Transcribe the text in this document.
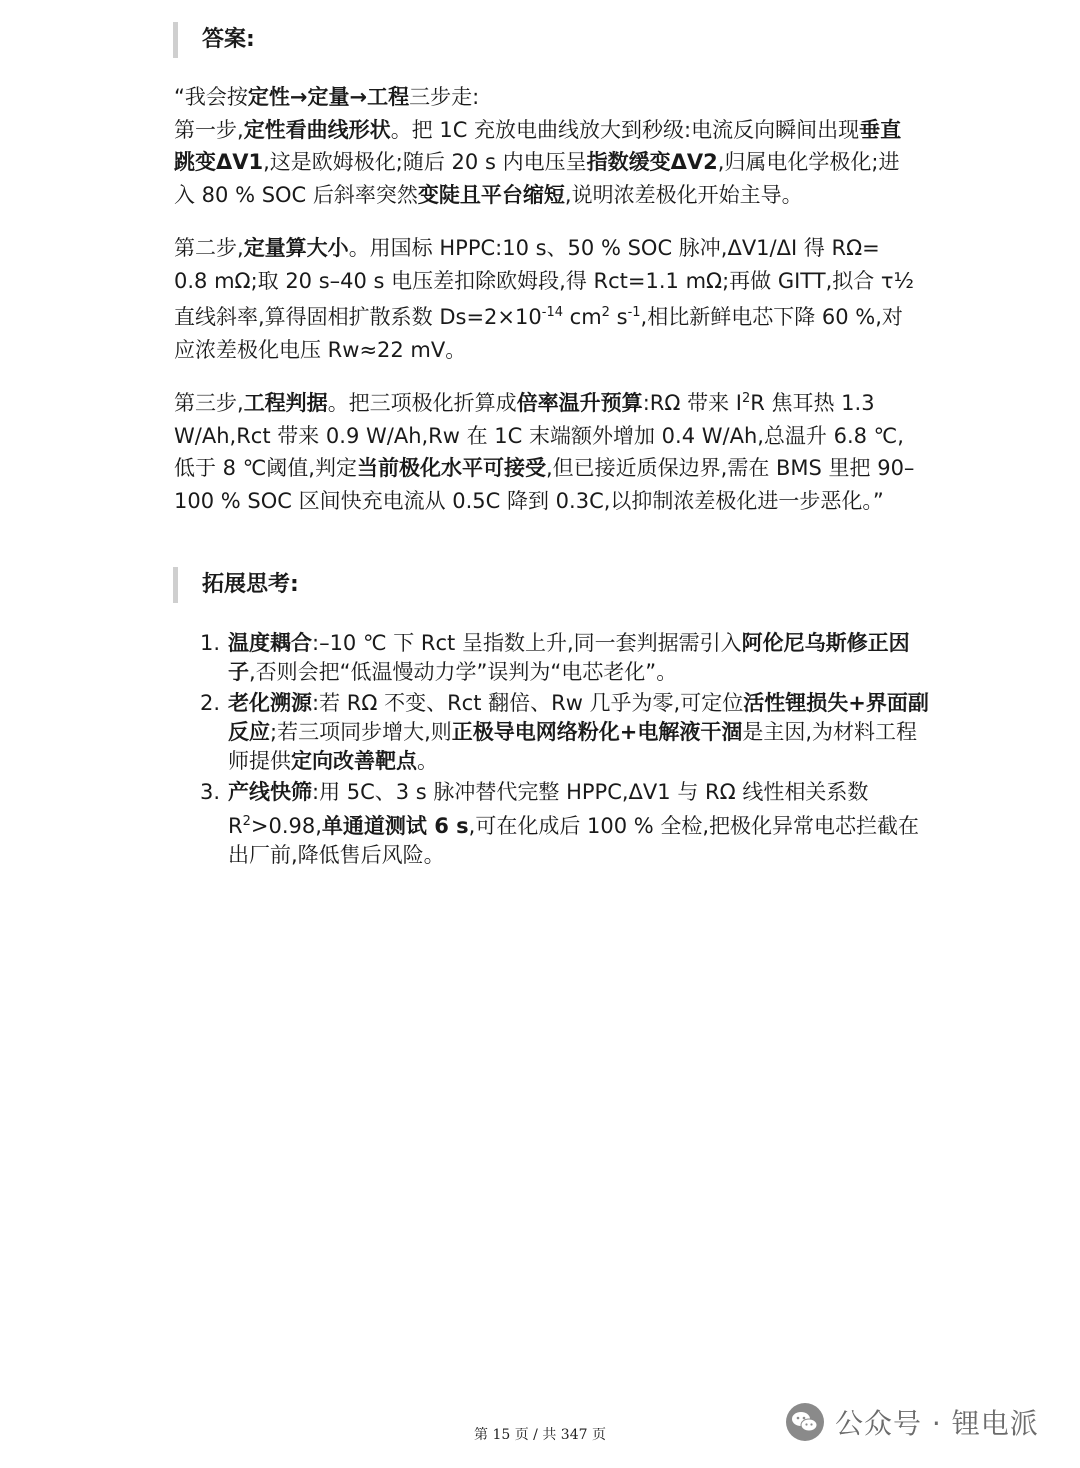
答案:

“我会按定性→定量→工程三步走:
第一步,定性看曲线形状。把 1C 充放电曲线放大到秒级:电流反向瞬间出现垂直跳变ΔV1,这是欧姆极化;随后 20 s 内电压呈指数缓变ΔV2,归属电化学极化;进入 80 % SOC 后斜率突然变陡且平台缩短,说明浓差极化开始主导。

第二步,定量算大小。用国标 HPPC:10 s、50 % SOC 脉冲,ΔV1/ΔI 得 RΩ= 0.8 mΩ;取 20 s–40 s 电压差扣除欧姆段,得 Rct=1.1 mΩ;再做 GITT,拟合 τ½ 直线斜率,算得固相扩散系数 $Ds=2\times 10^{-14}$ $cm^2$ $s^{-1}$,相比新鲜电芯下降 60 %,对应浓差极化电压 Rw≈22 mV。

第三步,工程判据。把三项极化折算成倍率温升预算:RΩ 带来 $I^2R$ 焦耳热 1.3 W/Ah,Rct 带来 0.9 W/Ah,Rw 在 1C 末端额外增加 0.4 W/Ah,总温升 6.8 ℃,低于 8 ℃阈值,判定当前极化水平可接受,但已接近质保边界,需在 BMS 里把 90–100 % SOC 区间快充电流从 0.5C 降到 0.3C,以抑制浓差极化进一步恶化。”

拓展思考:
1. 温度耦合:–10 ℃ 下 Rct 呈指数上升,同一套判据需引入阿伦尼乌斯修正因子,否则会把“低温慢动力学”误判为“电芯老化”。
2. 老化溯源:若 RΩ 不变、Rct 翻倍、Rw 几乎为零,可定位活性锂损失+界面副反应;若三项同步增大,则正极导电网络粉化+电解液干涸是主因,为材料工程师提供定向改善靶点。
3. 产线快筛:用 5C、3 s 脉冲替代完整 HPPC,ΔV1 与 RΩ 线性相关系数 $R^2>0.98$,单通道测试 6 s,可在化成后 100 % 全检,把极化异常电芯拦截在出厂前,降低售后风险。
公众号 · 锂电派
第 15 页 / 共 347 页
